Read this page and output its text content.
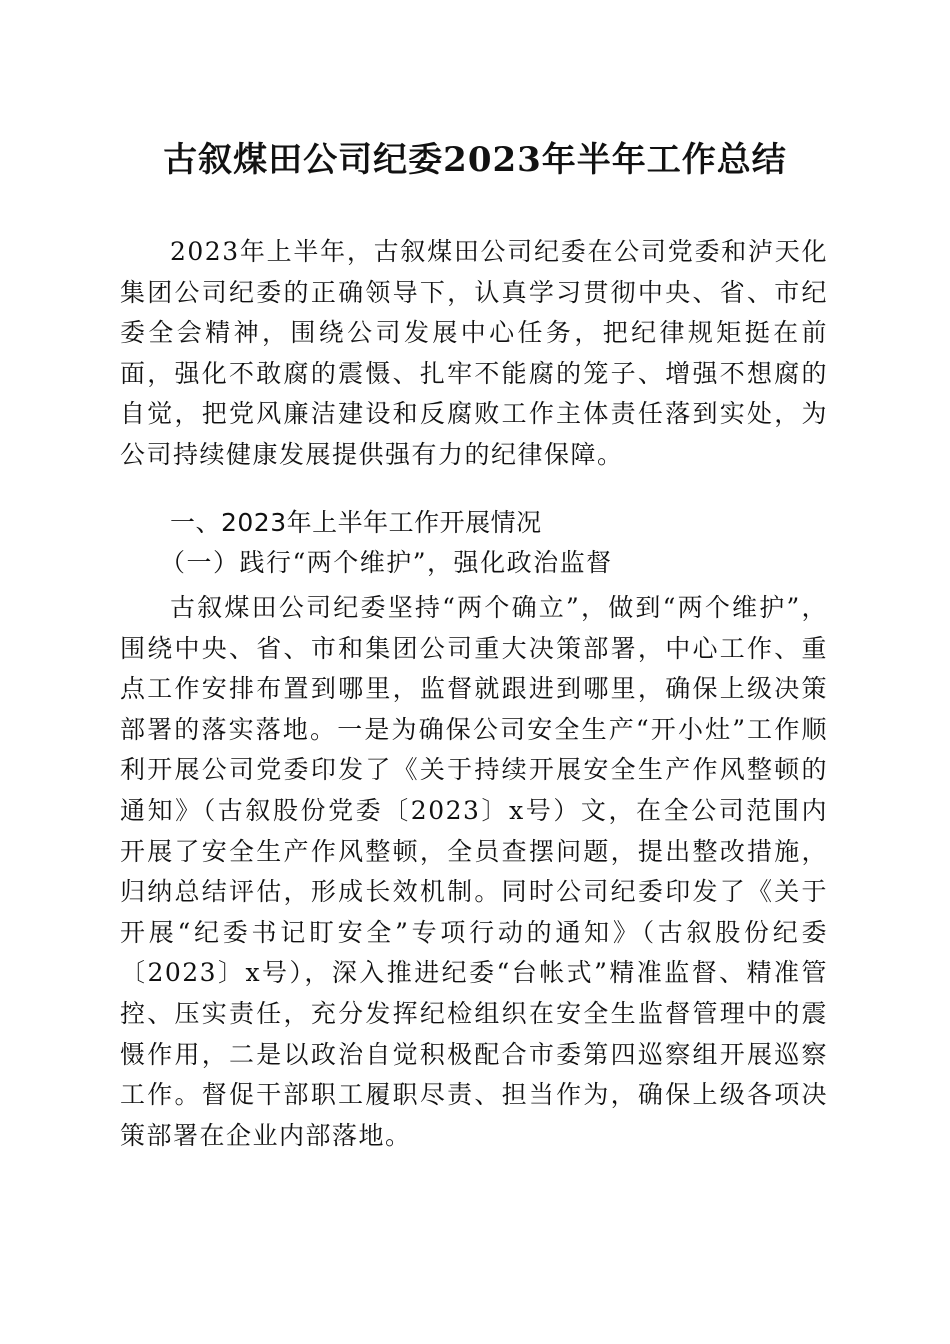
古叙煤田公司纪委2023年半年工作总结
2023年上半年，古叙煤田公司纪委在公司党委和泸天化集团公司纪委的正确领导下，认真学习贯彻中央、省、市纪委全会精神，围绕公司发展中心任务，把纪律规矩挺在前面，强化不敢腐的震慑、扎牢不能腐的笼子、增强不想腐的自觉，把党风廉洁建设和反腐败工作主体责任落到实处，为公司持续健康发展提供强有力的纪律保障。
一、2023年上半年工作开展情况
（一）践行“两个维护”，强化政治监督
古叙煤田公司纪委坚持“两个确立”，做到“两个维护”，围绕中央、省、市和集团公司重大决策部署，中心工作、重点工作安排布置到哪里，监督就跟进到哪里，确保上级决策部署的落实落地。一是为确保公司安全生产“开小灶”工作顺利开展公司党委印发了《关于持续开展安全生产作风整顿的通知》（古叙股份党委〔2023〕x号）文，在全公司范围内开展了安全生产作风整顿，全员查摆问题，提出整改措施，归纳总结评估，形成长效机制。同时公司纪委印发了《关于开展“纪委书记盯安全”专项行动的通知》（古叙股份纪委〔2023〕x号），深入推进纪委“台帐式”精准监督、精准管控、压实责任，充分发挥纪检组织在安全生监督管理中的震慑作用，二是以政治自觉积极配合市委第四巡察组开展巡察工作。督促干部职工履职尽责、担当作为，确保上级各项决策部署在企业内部落地。
